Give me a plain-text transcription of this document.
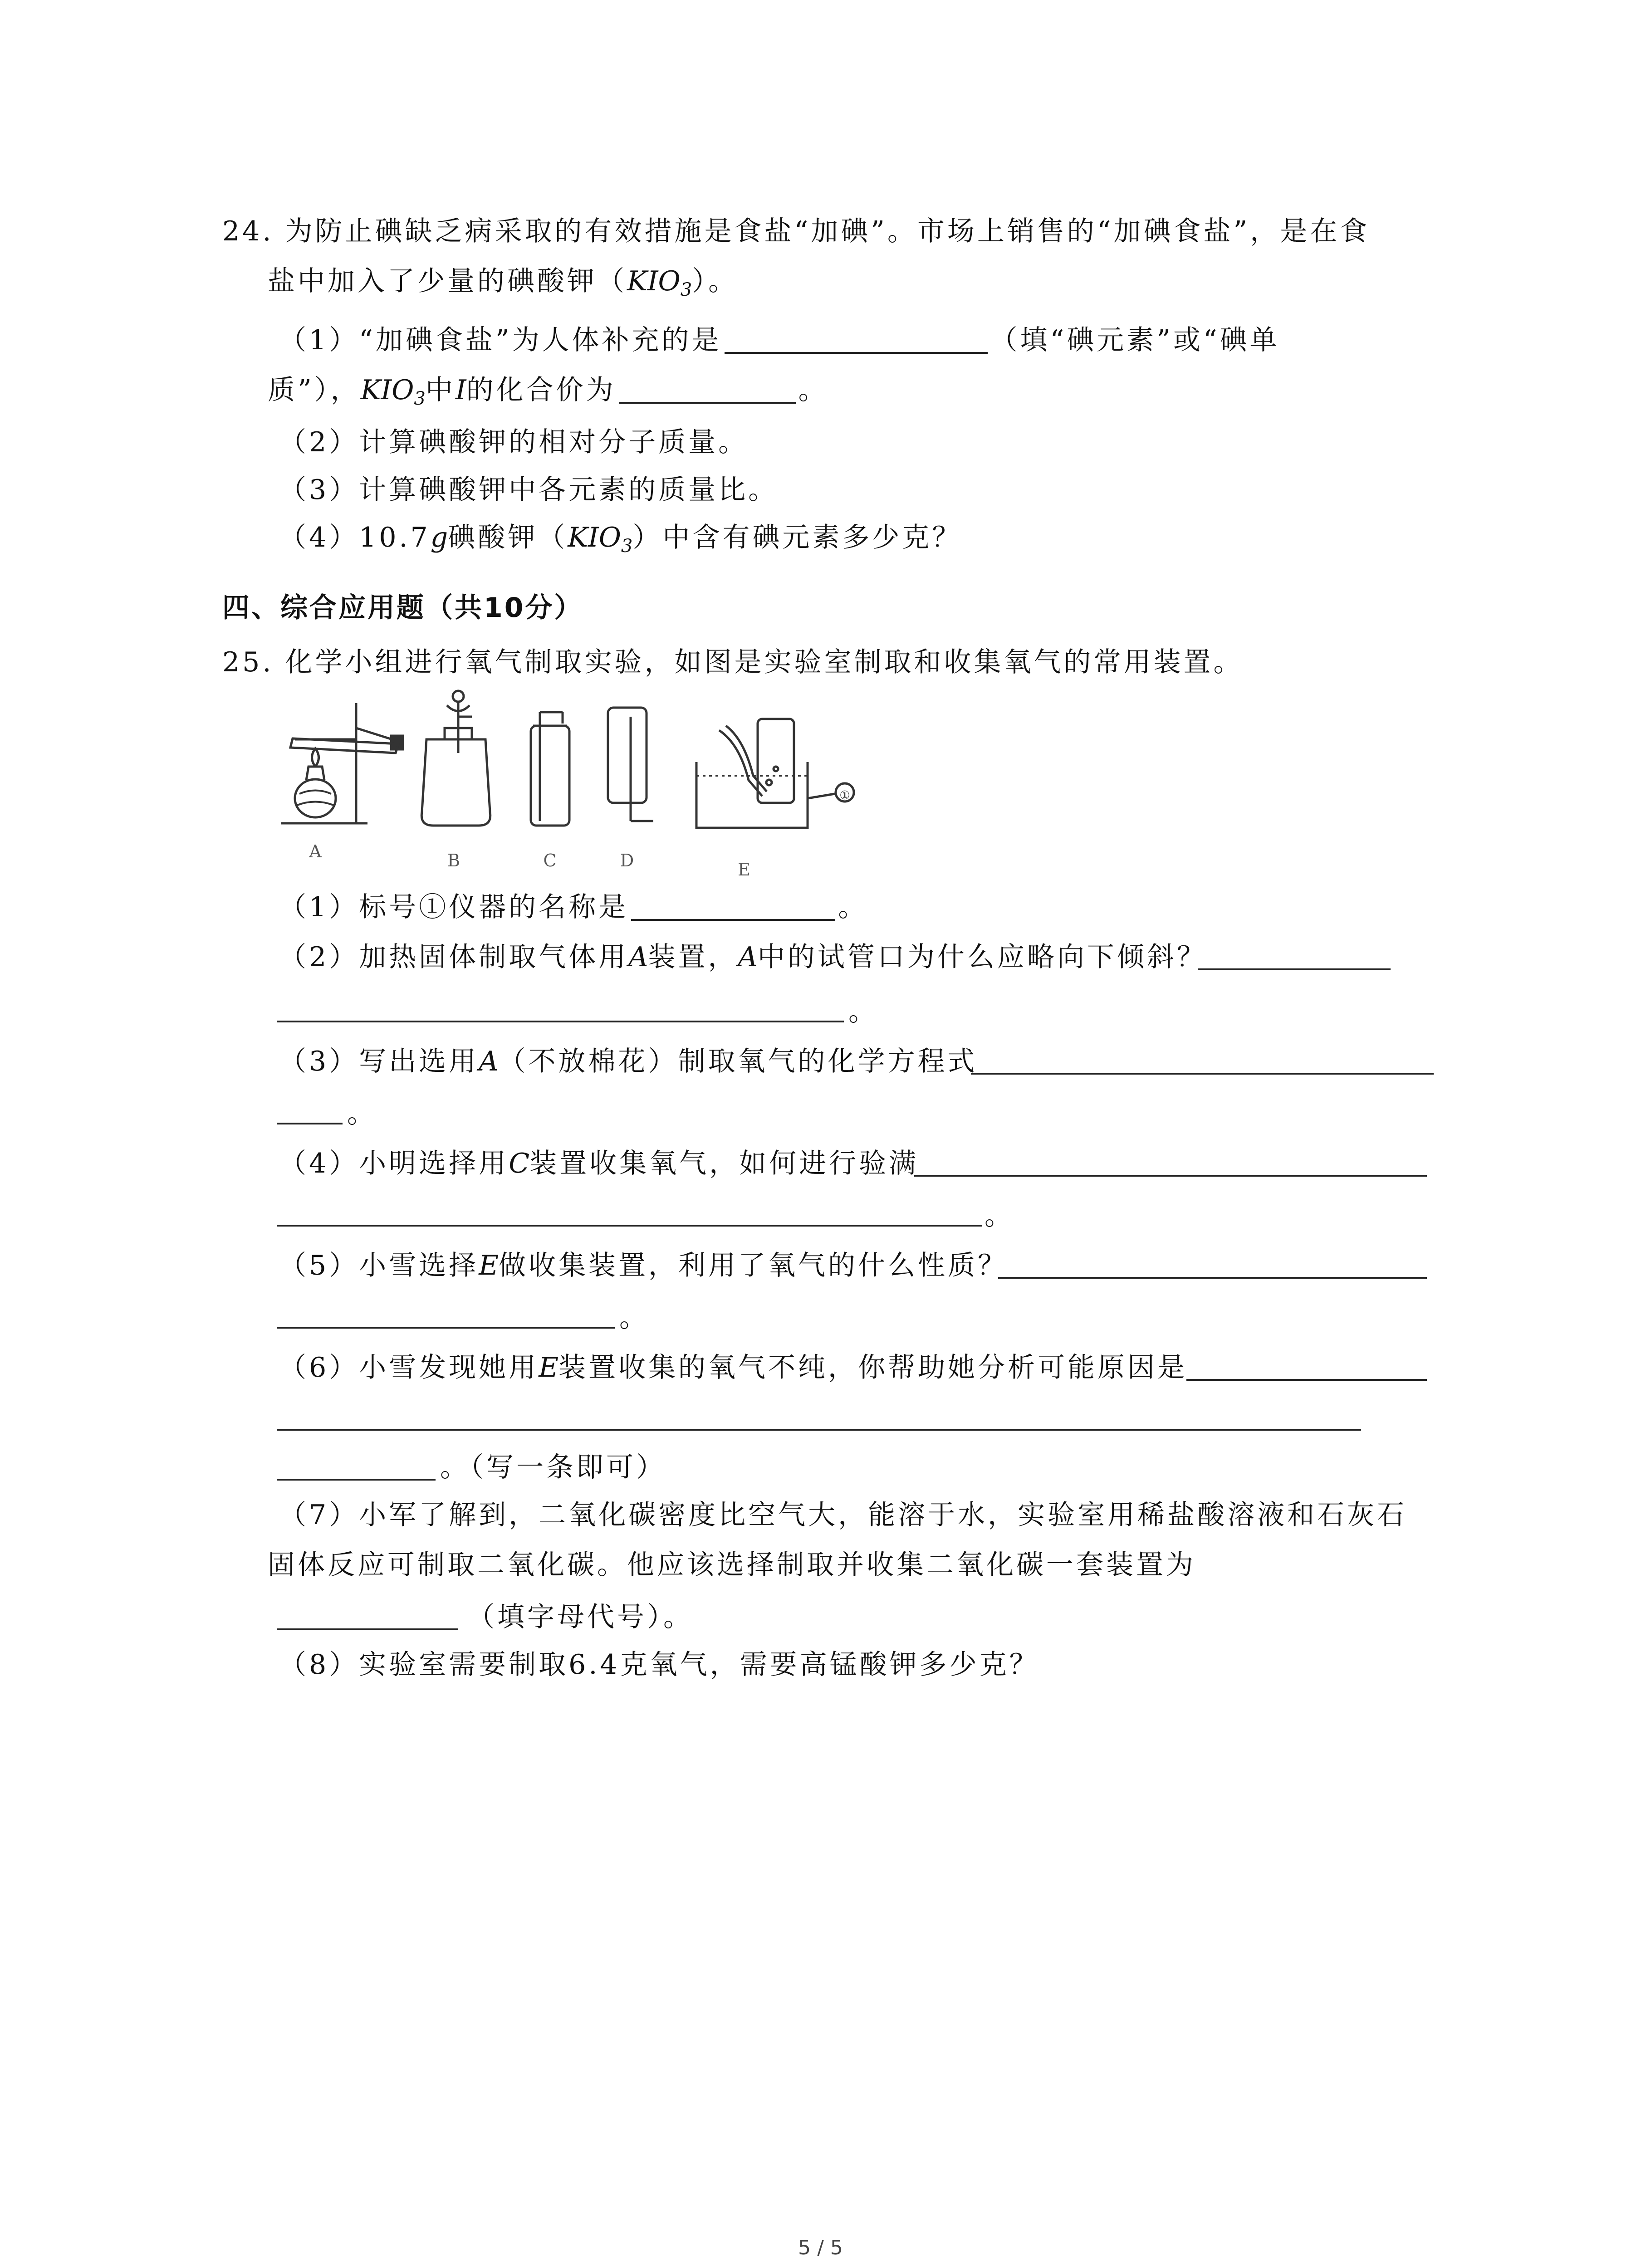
24. 为防止碘缺乏病采取的有效措施是食盐“加碘”。市场上销售的“加碘食盐”，是在食
盐中加入了少量的碘酸钾$(KIO_3)$。
（1）“加碘食盐”为人体补充的是	（填“碘元素”或“碘单
质”），$KIO_3$中I的化合价为	。
（2）计算碘酸钾的相对分子质量。
（3）计算碘酸钾中各元素的质量比。
（4）10.7g碘酸钾$(KIO_3)$中含有碘元素多少克？
四、综合应用题（共10分）
25. 化学小组进行氧气制取实验，如图是实验室制取和收集氧气的常用装置。
①
A	B	C	D	E
（1）标号①仪器的名称是	。
（2）加热固体制取气体用A装置，A中的试管口为什么应略向下倾斜？
。
（3）写出选用A（不放棉花）制取氧气的化学方程式
。
（4）小明选择用C装置收集氧气，如何进行验满
。
（5）小雪选择E做收集装置，利用了氧气的什么性质？
。
（6）小雪发现她用E装置收集的氧气不纯，你帮助她分析可能原因是
。（写一条即可）
（7）小军了解到，二氧化碳密度比空气大，能溶于水，实验室用稀盐酸溶液和石灰石
固体反应可制取二氧化碳。他应该选择制取并收集二氧化碳一套装置为
（填字母代号）。
（8）实验室需要制取6.4克氧气，需要高锰酸钾多少克？
5 / 5
